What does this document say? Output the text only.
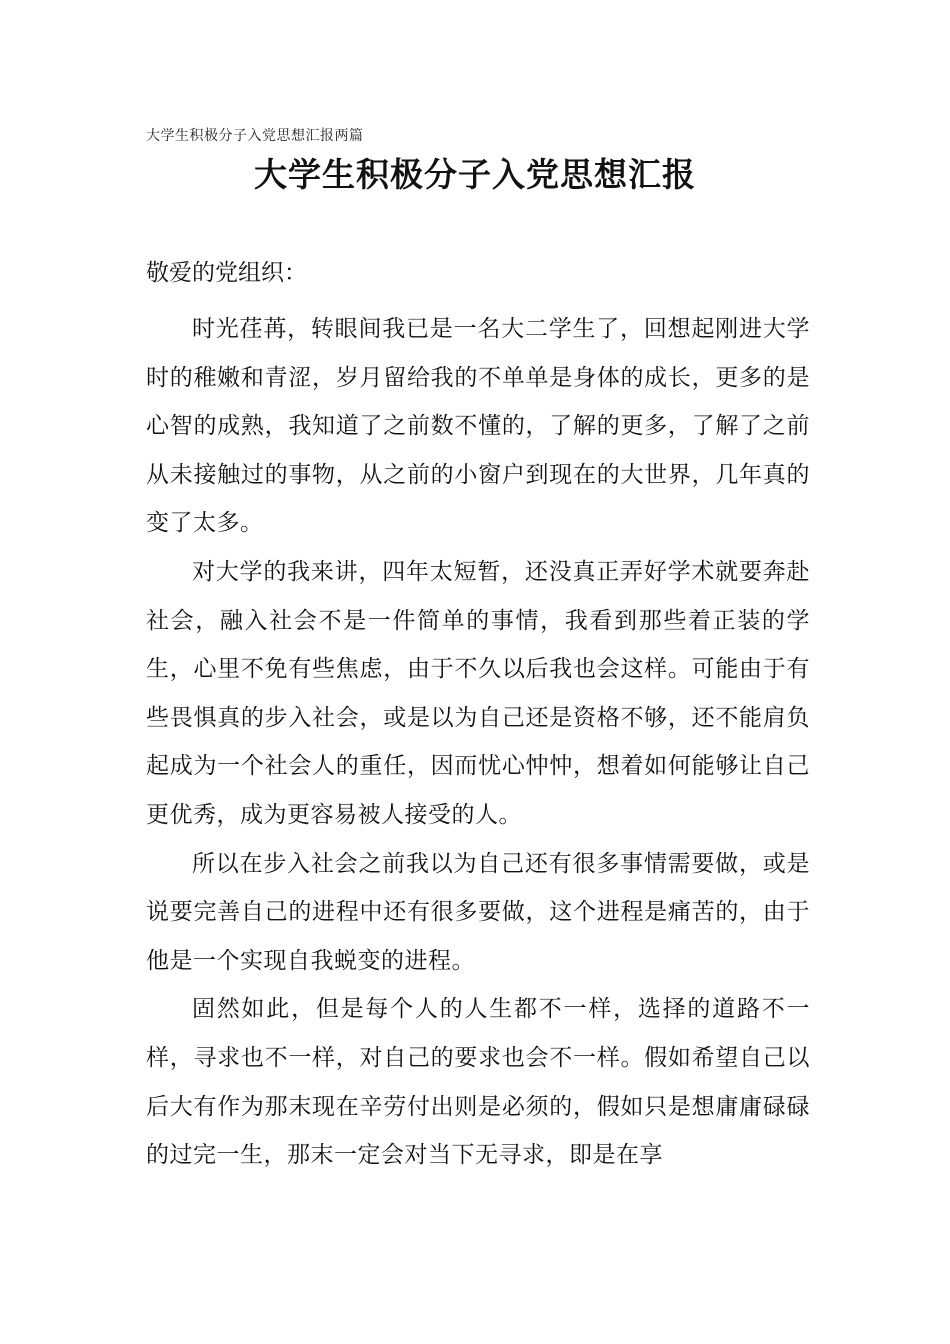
大学生积极分子入党思想汇报两篇
大学生积极分子入党思想汇报
敬爱的党组织：

时光荏苒，转眼间我已是一名大二学生了，回想起刚进大学时的稚嫩和青涩，岁月留给我的不单单是身体的成长，更多的是心智的成熟，我知道了之前数不懂的，了解的更多，了解了之前从未接触过的事物，从之前的小窗户到现在的大世界，几年真的变了太多。

对大学的我来讲，四年太短暂，还没真正弄好学术就要奔赴社会，融入社会不是一件简单的事情，我看到那些着正装的学生，心里不免有些焦虑，由于不久以后我也会这样。可能由于有些畏惧真的步入社会，或是以为自己还是资格不够，还不能肩负起成为一个社会人的重任，因而忧心忡忡，想着如何能够让自己更优秀，成为更容易被人接受的人。

所以在步入社会之前我以为自己还有很多事情需要做，或是说要完善自己的进程中还有很多要做，这个进程是痛苦的，由于他是一个实现自我蜕变的进程。

固然如此，但是每个人的人生都不一样，选择的道路不一样，寻求也不一样，对自己的要求也会不一样。假如希望自己以后大有作为那末现在辛劳付出则是必须的，假如只是想庸庸碌碌的过完一生，那末一定会对当下无寻求，即是在享
